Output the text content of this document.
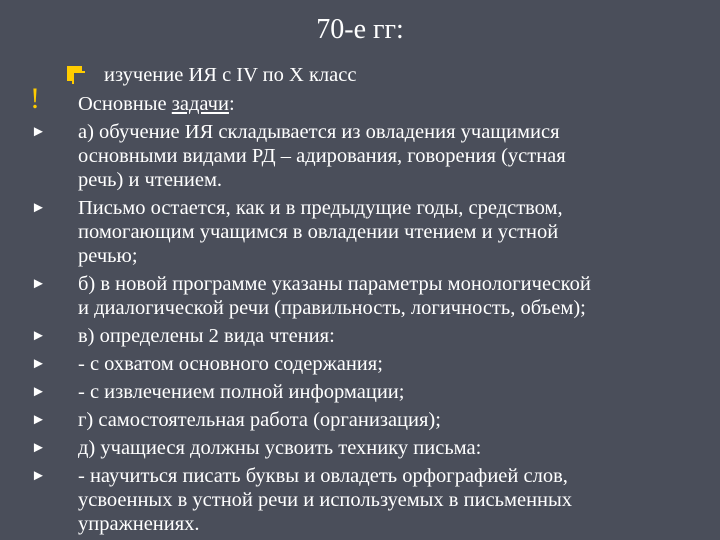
70-е гг:
изучение ИЯ с IV по X класс
! Основные задачи:
► а) обучение ИЯ складывается из овладения учащимися
основными видами РД – адирования, говорения (устная
речь) и чтением.
► Письмо остается, как и в предыдущие годы, средством,
помогающим учащимся в овладении чтением и устной
речью;
► б) в новой программе указаны параметры монологической
и диалогической речи (правильность, логичность, объем);
► в) определены 2 вида чтения:
► - с охватом основного содержания;
► - с извлечением полной информации;
► г) самостоятельная работа (организация);
► д) учащиеся должны усвоить технику письма:
► - научиться писать буквы и овладеть орфографией слов,
усвоенных в устной речи и используемых в письменных
упражнениях.
